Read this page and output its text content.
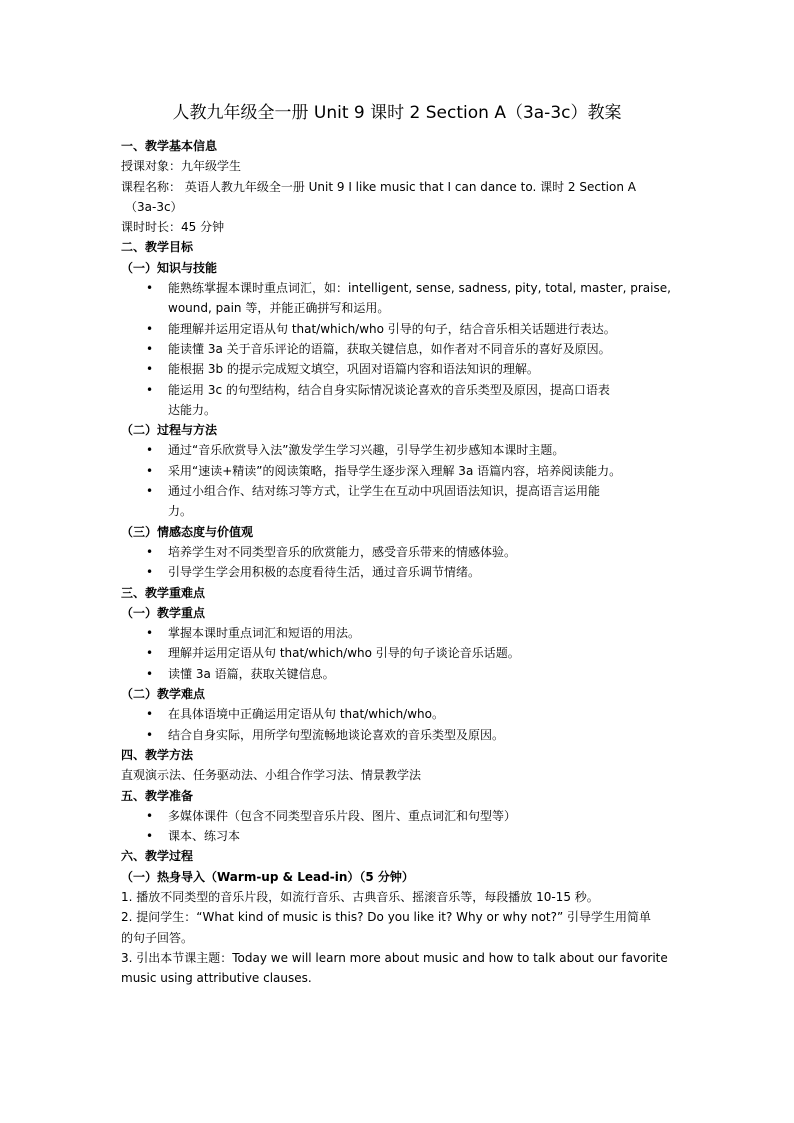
人教九年级全一册 Unit 9 课时 2 Section A（3a-3c）教案
一、教学基本信息
授课对象：九年级学生
课程名称： 英语人教九年级全一册 Unit 9 I like music that I can dance to. 课时 2 Section A
（3a-3c）
课时时长：45 分钟
二、教学目标
（一）知识与技能
• 能熟练掌握本课时重点词汇，如：intelligent, sense, sadness, pity, total, master, praise,
wound, pain 等，并能正确拼写和运用。
• 能理解并运用定语从句 that/which/who 引导的句子，结合音乐相关话题进行表达。
• 能读懂 3a 关于音乐评论的语篇，获取关键信息，如作者对不同音乐的喜好及原因。
• 能根据 3b 的提示完成短文填空，巩固对语篇内容和语法知识的理解。
• 能运用 3c 的句型结构，结合自身实际情况谈论喜欢的音乐类型及原因，提高口语表
达能力。
（二）过程与方法
• 通过“音乐欣赏导入法”激发学生学习兴趣，引导学生初步感知本课时主题。
• 采用“速读+精读”的阅读策略，指导学生逐步深入理解 3a 语篇内容，培养阅读能力。
• 通过小组合作、结对练习等方式，让学生在互动中巩固语法知识，提高语言运用能
力。
（三）情感态度与价值观
• 培养学生对不同类型音乐的欣赏能力，感受音乐带来的情感体验。
• 引导学生学会用积极的态度看待生活，通过音乐调节情绪。
三、教学重难点
（一）教学重点
• 掌握本课时重点词汇和短语的用法。
• 理解并运用定语从句 that/which/who 引导的句子谈论音乐话题。
• 读懂 3a 语篇，获取关键信息。
（二）教学难点
• 在具体语境中正确运用定语从句 that/which/who。
• 结合自身实际，用所学句型流畅地谈论喜欢的音乐类型及原因。
四、教学方法
直观演示法、任务驱动法、小组合作学习法、情景教学法
五、教学准备
• 多媒体课件（包含不同类型音乐片段、图片、重点词汇和句型等）
• 课本、练习本
六、教学过程
（一）热身导入（Warm-up & Lead-in）（5 分钟）
1. 播放不同类型的音乐片段，如流行音乐、古典音乐、摇滚音乐等，每段播放 10-15 秒。
2. 提问学生：“What kind of music is this? Do you like it? Why or why not?” 引导学生用简单
的句子回答。
3. 引出本节课主题：Today we will learn more about music and how to talk about our favorite
music using attributive clauses.
